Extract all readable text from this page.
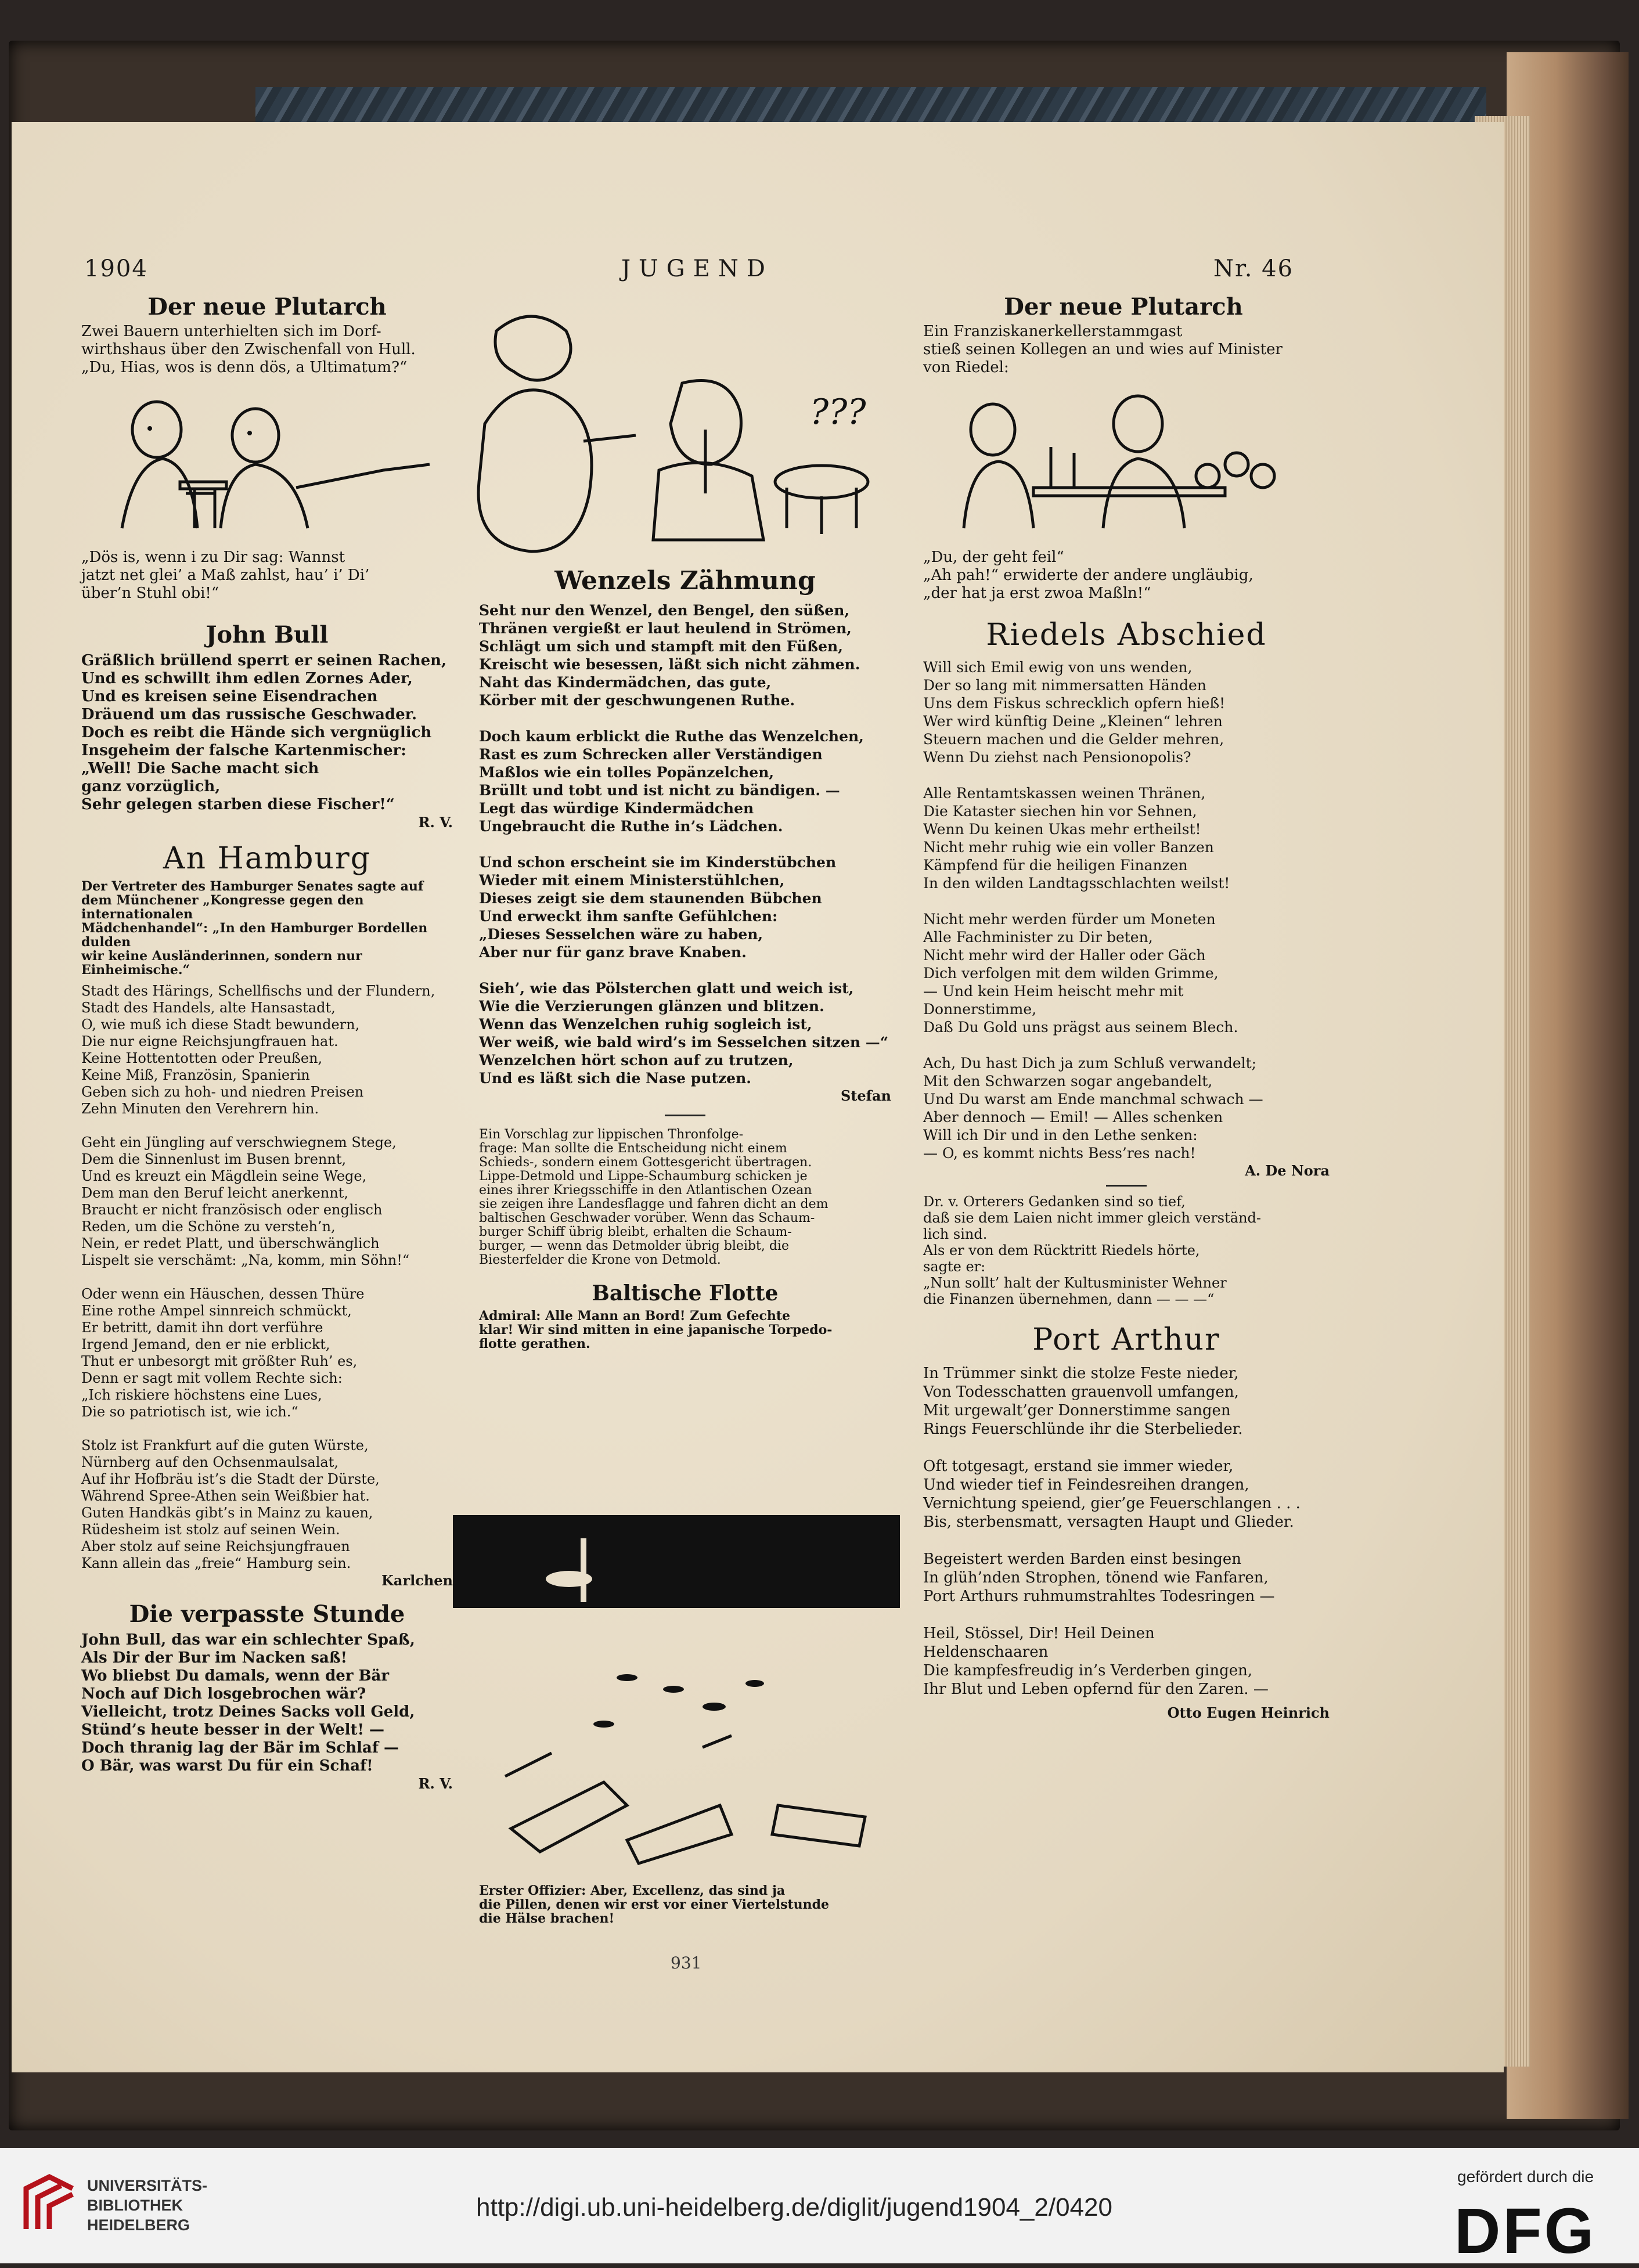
1904	JUGEND	Nr. 46

Der neue Plutarch

Zwei Bauern unterhielten sich im Dorf-
wirthshaus über den Zwischenfall von Hull.
„Du, Hias, wos is denn dös, a Ultimatum?“

„Dös is, wenn i zu Dir sag: Wannst
jatzt net glei’ a Maß zahlst, hau’ i’ Di’
über’n Stuhl obi!“

John Bull

Gräßlich brüllend sperrt er seinen Rachen,
Und es schwillt ihm edlen Zornes Ader,
Und es kreisen seine Eisendrachen
Dräuend um das russische Geschwader.
Doch es reibt die Hände sich vergnüglich
Insgeheim der falsche Kartenmischer:
„Well! Die Sache macht sich
ganz vorzüglich,
Sehr gelegen starben diese Fischer!“

R. V.

An Hamburg

Der Vertreter des Hamburger Senates sagte auf
dem Münchener „Kongresse gegen den internationalen
Mädchenhandel“: „In den Hamburger Bordellen dulden
wir keine Ausländerinnen, sondern nur Einheimische.“

Stadt des Härings, Schellfischs und der Flundern,
Stadt des Handels, alte Hansastadt,
O, wie muß ich diese Stadt bewundern,
Die nur eigne Reichsjungfrauen hat.
Keine Hottentotten oder Preußen,
Keine Miß, Französin, Spanierin
Geben sich zu hoh- und niedren Preisen
Zehn Minuten den Verehrern hin.

Geht ein Jüngling auf verschwiegnem Stege,
Dem die Sinnenlust im Busen brennt,
Und es kreuzt ein Mägdlein seine Wege,
Dem man den Beruf leicht anerkennt,
Braucht er nicht französisch oder englisch
Reden, um die Schöne zu versteh’n,
Nein, er redet Platt, und überschwänglich
Lispelt sie verschämt: „Na, komm, min Söhn!“

Oder wenn ein Häuschen, dessen Thüre
Eine rothe Ampel sinnreich schmückt,
Er betritt, damit ihn dort verführe
Irgend Jemand, den er nie erblickt,
Thut er unbesorgt mit größter Ruh’ es,
Denn er sagt mit vollem Rechte sich:
„Ich riskiere höchstens eine Lues,
Die so patriotisch ist, wie ich.“

Stolz ist Frankfurt auf die guten Würste,
Nürnberg auf den Ochsenmaulsalat,
Auf ihr Hofbräu ist’s die Stadt der Dürste,
Während Spree-Athen sein Weißbier hat.
Guten Handkäs gibt’s in Mainz zu kauen,
Rüdesheim ist stolz auf seinen Wein.
Aber stolz auf seine Reichsjungfrauen
Kann allein das „freie“ Hamburg sein.

Karlchen

Die verpasste Stunde

John Bull, das war ein schlechter Spaß,
Als Dir der Bur im Nacken saß!
Wo bliebst Du damals, wenn der Bär
Noch auf Dich losgebrochen wär?
Vielleicht, trotz Deines Sacks voll Geld,
Stünd’s heute besser in der Welt! —
Doch thranig lag der Bär im Schlaf —
O Bär, was warst Du für ein Schaf!

R. V.

???

Wenzels Zähmung

Seht nur den Wenzel, den Bengel, den süßen,
Thränen vergießt er laut heulend in Strömen,
Schlägt um sich und stampft mit den Füßen,
Kreischt wie besessen, läßt sich nicht zähmen.
Naht das Kindermädchen, das gute,
Körber mit der geschwungenen Ruthe.

Doch kaum erblickt die Ruthe das Wenzelchen,
Rast es zum Schrecken aller Verständigen
Maßlos wie ein tolles Popänzelchen,
Brüllt und tobt und ist nicht zu bändigen. —
Legt das würdige Kindermädchen
Ungebraucht die Ruthe in’s Lädchen.

Und schon erscheint sie im Kinderstübchen
Wieder mit einem Ministerstühlchen,
Dieses zeigt sie dem staunenden Bübchen
Und erweckt ihm sanfte Gefühlchen:
„Dieses Sesselchen wäre zu haben,
Aber nur für ganz brave Knaben.

Sieh’, wie das Pölsterchen glatt und weich ist,
Wie die Verzierungen glänzen und blitzen.
Wenn das Wenzelchen ruhig sogleich ist,
Wer weiß, wie bald wird’s im Sesselchen sitzen —“
Wenzelchen hört schon auf zu trutzen,
Und es läßt sich die Nase putzen.

Stefan

Ein Vorschlag zur lippischen Thronfolge-
frage: Man sollte die Entscheidung nicht einem
Schieds-, sondern einem Gottesgericht übertragen.
Lippe-Detmold und Lippe-Schaumburg schicken je
eines ihrer Kriegsschiffe in den Atlantischen Ozean
sie zeigen ihre Landesflagge und fahren dicht an dem
baltischen Geschwader vorüber. Wenn das Schaum-
burger Schiff übrig bleibt, erhalten die Schaum-
burger, — wenn das Detmolder übrig bleibt, die
Biesterfelder die Krone von Detmold.

Baltische Flotte

Admiral: Alle Mann an Bord! Zum Gefechte
klar! Wir sind mitten in eine japanische Torpedo-
flotte gerathen.

Erster Offizier: Aber, Excellenz, das sind ja
die Pillen, denen wir erst vor einer Viertelstunde
die Hälse brachen!

Der neue Plutarch

Ein Franziskanerkellerstammgast
stieß seinen Kollegen an und wies auf Minister
von Riedel:

„Du, der geht feil“
„Ah pah!“ erwiderte der andere ungläubig,
„der hat ja erst zwoa Maßln!“

Riedels Abschied

Will sich Emil ewig von uns wenden,
Der so lang mit nimmersatten Händen
Uns dem Fiskus schrecklich opfern hieß!
Wer wird künftig Deine „Kleinen“ lehren
Steuern machen und die Gelder mehren,
Wenn Du ziehst nach Pensionopolis?

Alle Rentamtskassen weinen Thränen,
Die Kataster siechen hin vor Sehnen,
Wenn Du keinen Ukas mehr ertheilst!
Nicht mehr ruhig wie ein voller Banzen
Kämpfend für die heiligen Finanzen
In den wilden Landtagsschlachten weilst!

Nicht mehr werden fürder um Moneten
Alle Fachminister zu Dir beten,
Nicht mehr wird der Haller oder Gäch
Dich verfolgen mit dem wilden Grimme,
— Und kein Heim heischt mehr mit
Donnerstimme,
Daß Du Gold uns prägst aus seinem Blech.

Ach, Du hast Dich ja zum Schluß verwandelt;
Mit den Schwarzen sogar angebandelt,
Und Du warst am Ende manchmal schwach —
Aber dennoch — Emil! — Alles schenken
Will ich Dir und in den Lethe senken:
— O, es kommt nichts Bess’res nach!

A. De Nora

Dr. v. Orterers Gedanken sind so tief,
daß sie dem Laien nicht immer gleich verständ-
lich sind.
Als er von dem Rücktritt Riedels hörte,
sagte er:
„Nun sollt’ halt der Kultusminister Wehner
die Finanzen übernehmen, dann — — —“

Port Arthur

In Trümmer sinkt die stolze Feste nieder,
Von Todesschatten grauenvoll umfangen,
Mit urgewalt’ger Donnerstimme sangen
Rings Feuerschlünde ihr die Sterbelieder.

Oft totgesagt, erstand sie immer wieder,
Und wieder tief in Feindesreihen drangen,
Vernichtung speiend, gier’ge Feuerschlangen . . .
Bis, sterbensmatt, versagten Haupt und Glieder.

Begeistert werden Barden einst besingen
In glüh’nden Strophen, tönend wie Fanfaren,
Port Arthurs ruhmumstrahltes Todesringen —

Heil, Stössel, Dir! Heil Deinen
Heldenschaaren
Die kampfesfreudig in’s Verderben gingen,
Ihr Blut und Leben opfernd für den Zaren. —

Otto Eugen Heinrich

931
UNIVERSITÄTS-
BIBLIOTHEK
HEIDELBERG
http://digi.ub.uni-heidelberg.de/diglit/jugend1904_2/0420
gefördert durch die
DFG
